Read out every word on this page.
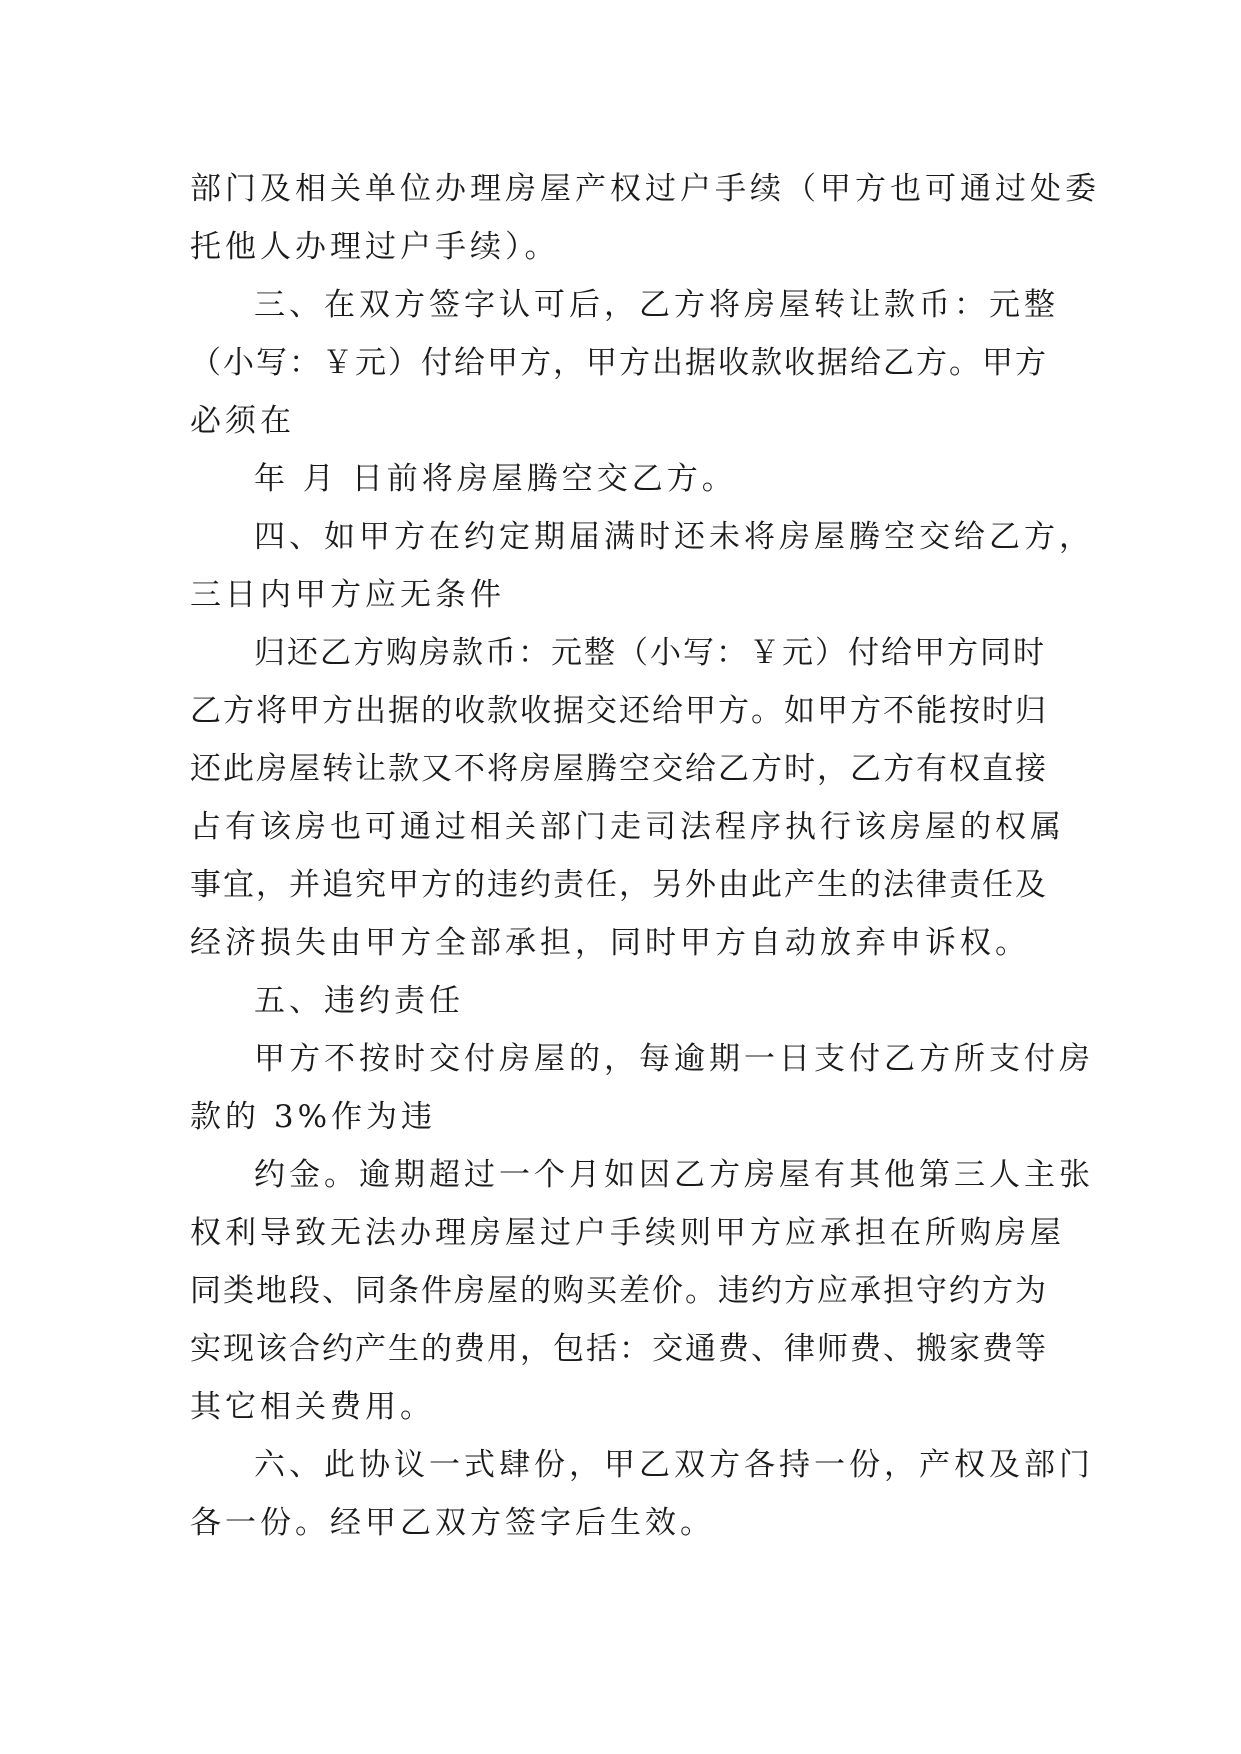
部门及相关单位办理房屋产权过户手续（甲方也可通过处委
托他人办理过户手续）。
三、在双方签字认可后，乙方将房屋转让款币：元整
（小写：￥元）付给甲方，甲方出据收款收据给乙方。甲方
必须在
年 月 日前将房屋腾空交乙方。
四、如甲方在约定期届满时还未将房屋腾空交给乙方，
三日内甲方应无条件
归还乙方购房款币：元整（小写：￥元）付给甲方同时
乙方将甲方出据的收款收据交还给甲方。如甲方不能按时归
还此房屋转让款又不将房屋腾空交给乙方时，乙方有权直接
占有该房也可通过相关部门走司法程序执行该房屋的权属
事宜，并追究甲方的违约责任，另外由此产生的法律责任及
经济损失由甲方全部承担，同时甲方自动放弃申诉权。
五、违约责任
甲方不按时交付房屋的，每逾期一日支付乙方所支付房
款的 3%作为违
约金。逾期超过一个月如因乙方房屋有其他第三人主张
权利导致无法办理房屋过户手续则甲方应承担在所购房屋
同类地段、同条件房屋的购买差价。违约方应承担守约方为
实现该合约产生的费用，包括：交通费、律师费、搬家费等
其它相关费用。
六、此协议一式肆份，甲乙双方各持一份，产权及部门
各一份。经甲乙双方签字后生效。
